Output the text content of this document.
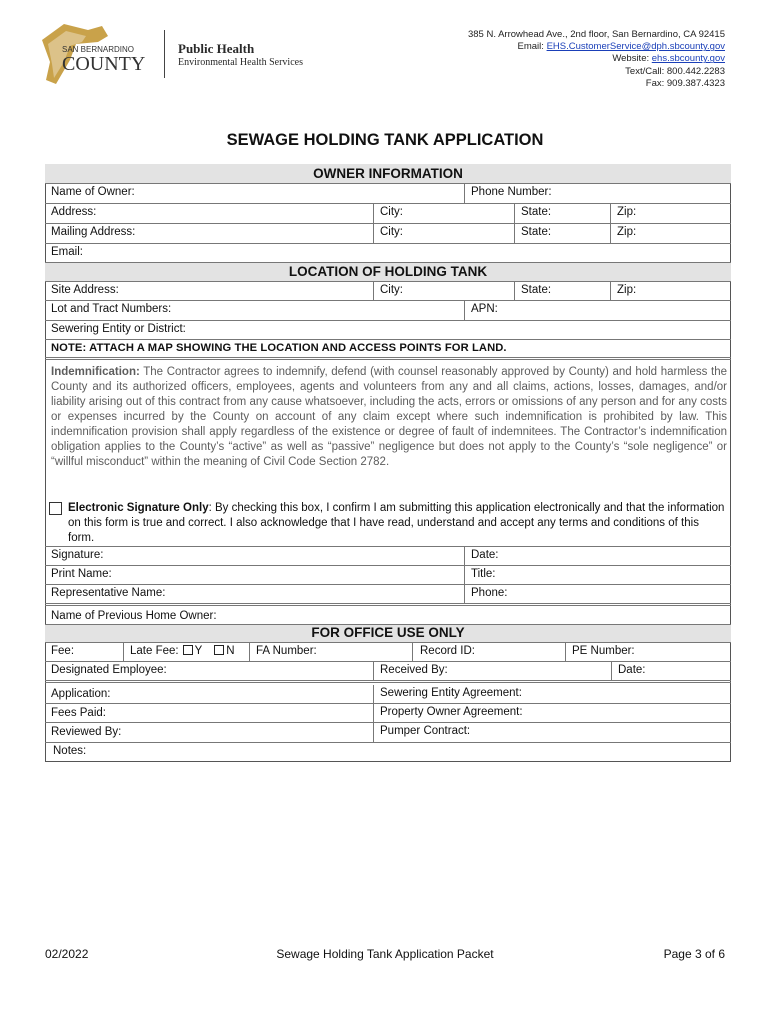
SAN BERNARDINO
COUNTY
Public Health
Environmental Health Services
385 N. Arrowhead Ave., 2nd floor, San Bernardino, CA 92415
Email: EHS.CustomerService@dph.sbcounty.gov
Website: ehs.sbcounty.gov
Text/Call: 800.442.2283
Fax: 909.387.4323
SEWAGE HOLDING TANK APPLICATION
OWNER INFORMATION
Name of Owner:	Phone Number:
Address:	City:	State:	Zip:
Mailing Address:	City:	State:	Zip:
Email:
LOCATION OF HOLDING TANK
Site Address:	City:	State:	Zip:
Lot and Tract Numbers:	APN:
Sewering Entity or District:
NOTE: ATTACH A MAP SHOWING THE LOCATION AND ACCESS POINTS FOR LAND.
Indemnification: The Contractor agrees to indemnify, defend (with counsel reasonably approved by County) and hold harmless the County and its authorized officers, employees, agents and volunteers from any and all claims, actions, losses, damages, and/or liability arising out of this contract from any cause whatsoever, including the acts, errors or omissions of any person and for any costs or expenses incurred by the County on account of any claim except where such indemnification is prohibited by law. This indemnification provision shall apply regardless of the existence or degree of fault of indemnitees. The Contractor’s indemnification obligation applies to the County’s “active” as well as “passive” negligence but does not apply to the County’s “sole negligence” or “willful misconduct” within the meaning of Civil Code Section 2782.
Electronic Signature Only: By checking this box, I confirm I am submitting this application electronically and that the information on this form is true and correct. I also acknowledge that I have read, understand and accept any terms and conditions of this form.
Signature:	Date:
Print Name:	Title:
Representative Name:	Phone:
Name of Previous Home Owner:
FOR OFFICE USE ONLY
Fee:	Late Fee: Y N	FA Number:	Record ID:	PE Number:
Designated Employee:	Received By:	Date:
Application:	Sewering Entity Agreement:
Fees Paid:	Property Owner Agreement:
Reviewed By:	Pumper Contract:
Notes:
02/2022	Sewage Holding Tank Application Packet	Page 3 of 6
